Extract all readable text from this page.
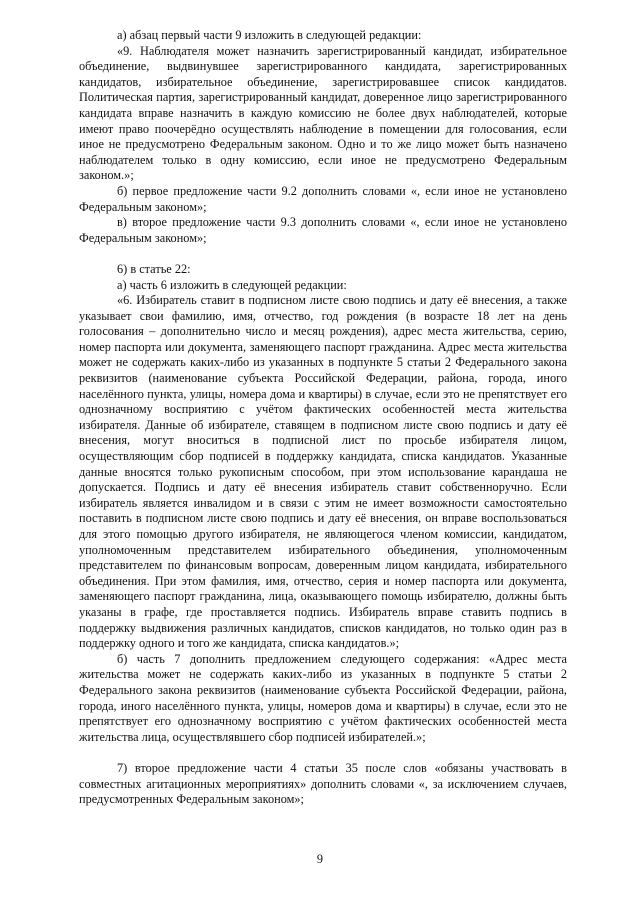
а) абзац первый части 9 изложить в следующей редакции:

«9. Наблюдателя может назначить зарегистрированный кандидат, избирательное объединение, выдвинувшее зарегистрированного кандидата, зарегистрированных кандидатов, избирательное объединение, зарегистрировавшее список кандидатов. Политическая партия, зарегистрированный кандидат, доверенное лицо зарегистрированного кандидата вправе назначить в каждую комиссию не более двух наблюдателей, которые имеют право поочерёдно осуществлять наблюдение в помещении для голосования, если иное не предусмотрено Федеральным законом. Одно и то же лицо может быть назначено наблюдателем только в одну комиссию, если иное не предусмотрено Федеральным законом.»;

б) первое предложение части 9.2 дополнить словами «, если иное не установлено Федеральным законом»;

в) второе предложение части 9.3 дополнить словами «, если иное не установлено Федеральным законом»;

6) в статье 22:

а) часть 6 изложить в следующей редакции:

«6. Избиратель ставит в подписном листе свою подпись и дату её внесения, а также указывает свои фамилию, имя, отчество, год рождения (в возрасте 18 лет на день голосования – дополнительно число и месяц рождения), адрес места жительства, серию, номер паспорта или документа, заменяющего паспорт гражданина. Адрес места жительства может не содержать каких-либо из указанных в подпункте 5 статьи 2 Федерального закона реквизитов (наименование субъекта Российской Федерации, района, города, иного населённого пункта, улицы, номера дома и квартиры) в случае, если это не препятствует его однозначному восприятию с учётом фактических особенностей места жительства избирателя. Данные об избирателе, ставящем в подписном листе свою подпись и дату её внесения, могут вноситься в подписной лист по просьбе избирателя лицом, осуществляющим сбор подписей в поддержку кандидата, списка кандидатов. Указанные данные вносятся только рукописным способом, при этом использование карандаша не допускается. Подпись и дату её внесения избиратель ставит собственноручно. Если избиратель является инвалидом и в связи с этим не имеет возможности самостоятельно поставить в подписном листе свою подпись и дату её внесения, он вправе воспользоваться для этого помощью другого избирателя, не являющегося членом комиссии, кандидатом, уполномоченным представителем избирательного объединения, уполномоченным представителем по финансовым вопросам, доверенным лицом кандидата, избирательного объединения. При этом фамилия, имя, отчество, серия и номер паспорта или документа, заменяющего паспорт гражданина, лица, оказывающего помощь избирателю, должны быть указаны в графе, где проставляется подпись. Избиратель вправе ставить подпись в поддержку выдвижения различных кандидатов, списков кандидатов, но только один раз в поддержку одного и того же кандидата, списка кандидатов.»;

б) часть 7 дополнить предложением следующего содержания: «Адрес места жительства может не содержать каких-либо из указанных в подпункте 5 статьи 2 Федерального закона реквизитов (наименование субъекта Российской Федерации, района, города, иного населённого пункта, улицы, номеров дома и квартиры) в случае, если это не препятствует его однозначному восприятию с учётом фактических особенностей места жительства лица, осуществлявшего сбор подписей избирателей.»;

7) второе предложение части 4 статьи 35 после слов «обязаны участвовать в совместных агитационных мероприятиях» дополнить словами «, за исключением случаев, предусмотренных Федеральным законом»;

9
